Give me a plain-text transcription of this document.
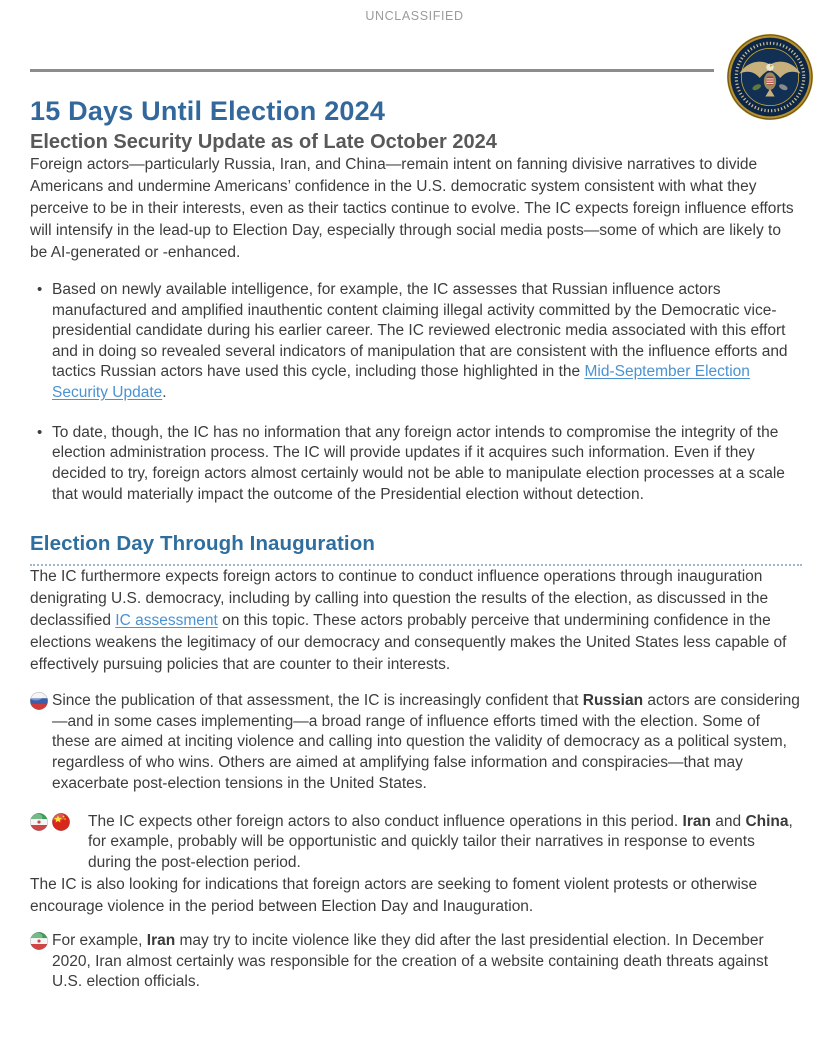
UNCLASSIFIED
15 Days Until Election 2024
Election Security Update as of Late October 2024

Foreign actors—particularly Russia, Iran, and China—remain intent on fanning divisive narratives to divide Americans and undermine Americans’ confidence in the U.S. democratic system consistent with what they perceive to be in their interests, even as their tactics continue to evolve. The IC expects foreign influence efforts will intensify in the lead-up to Election Day, especially through social media posts—some of which are likely to be AI-generated or -enhanced.

• Based on newly available intelligence, for example, the IC assesses that Russian influence actors manufactured and amplified inauthentic content claiming illegal activity committed by the Democratic vice-presidential candidate during his earlier career. The IC reviewed electronic media associated with this effort and in doing so revealed several indicators of manipulation that are consistent with the influence efforts and tactics Russian actors have used this cycle, including those highlighted in the Mid-September Election Security Update.
• To date, though, the IC has no information that any foreign actor intends to compromise the integrity of the election administration process. The IC will provide updates if it acquires such information. Even if they decided to try, foreign actors almost certainly would not be able to manipulate election processes at a scale that would materially impact the outcome of the Presidential election without detection.
Election Day Through Inauguration

The IC furthermore expects foreign actors to continue to conduct influence operations through inauguration denigrating U.S. democracy, including by calling into question the results of the election, as discussed in the declassified IC assessment on this topic. These actors probably perceive that undermining confidence in the elections weakens the legitimacy of our democracy and consequently makes the United States less capable of effectively pursuing policies that are counter to their interests.

Since the publication of that assessment, the IC is increasingly confident that Russian actors are considering—and in some cases implementing—a broad range of influence efforts timed with the election. Some of these are aimed at inciting violence and calling into question the validity of democracy as a political system, regardless of who wins. Others are aimed at amplifying false information and conspiracies—that may exacerbate post-election tensions in the United States.
The IC expects other foreign actors to also conduct influence operations in this period. Iran and China, for example, probably will be opportunistic and quickly tailor their narratives in response to events during the post-election period.

The IC is also looking for indications that foreign actors are seeking to foment violent protests or otherwise encourage violence in the period between Election Day and Inauguration.

For example, Iran may try to incite violence like they did after the last presidential election. In December 2020, Iran almost certainly was responsible for the creation of a website containing death threats against U.S. election officials.
